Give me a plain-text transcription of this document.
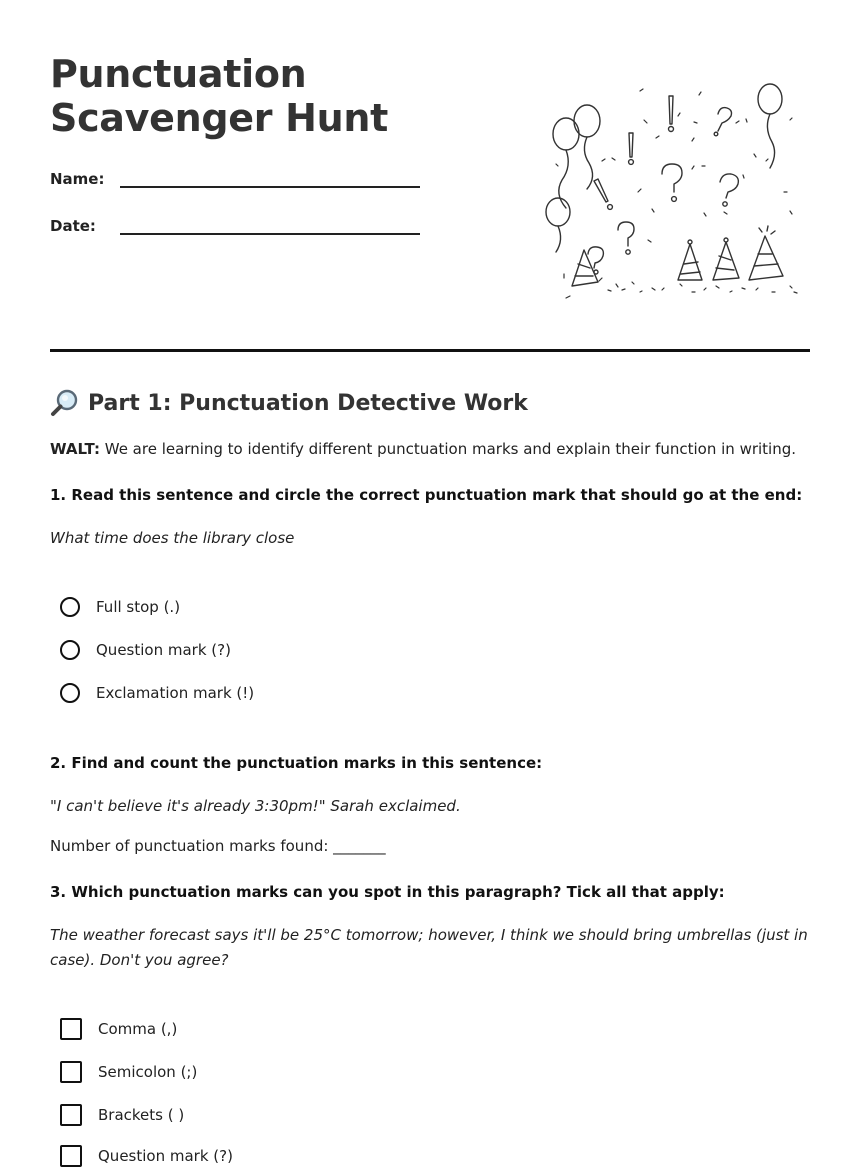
Punctuation Scavenger Hunt
Name:
Date:
Part 1: Punctuation Detective Work
WALT: We are learning to identify different punctuation marks and explain their function in writing.
1. Read this sentence and circle the correct punctuation mark that should go at the end:
What time does the library close
Full stop (.)
Question mark (?)
Exclamation mark (!)
2. Find and count the punctuation marks in this sentence:
"I can't believe it's already 3:30pm!" Sarah exclaimed.
Number of punctuation marks found: _______
3. Which punctuation marks can you spot in this paragraph? Tick all that apply:
The weather forecast says it'll be 25°C tomorrow; however, I think we should bring umbrellas (just in case). Don't you agree?
Comma (,)
Semicolon (;)
Brackets ( )
Question mark (?)
